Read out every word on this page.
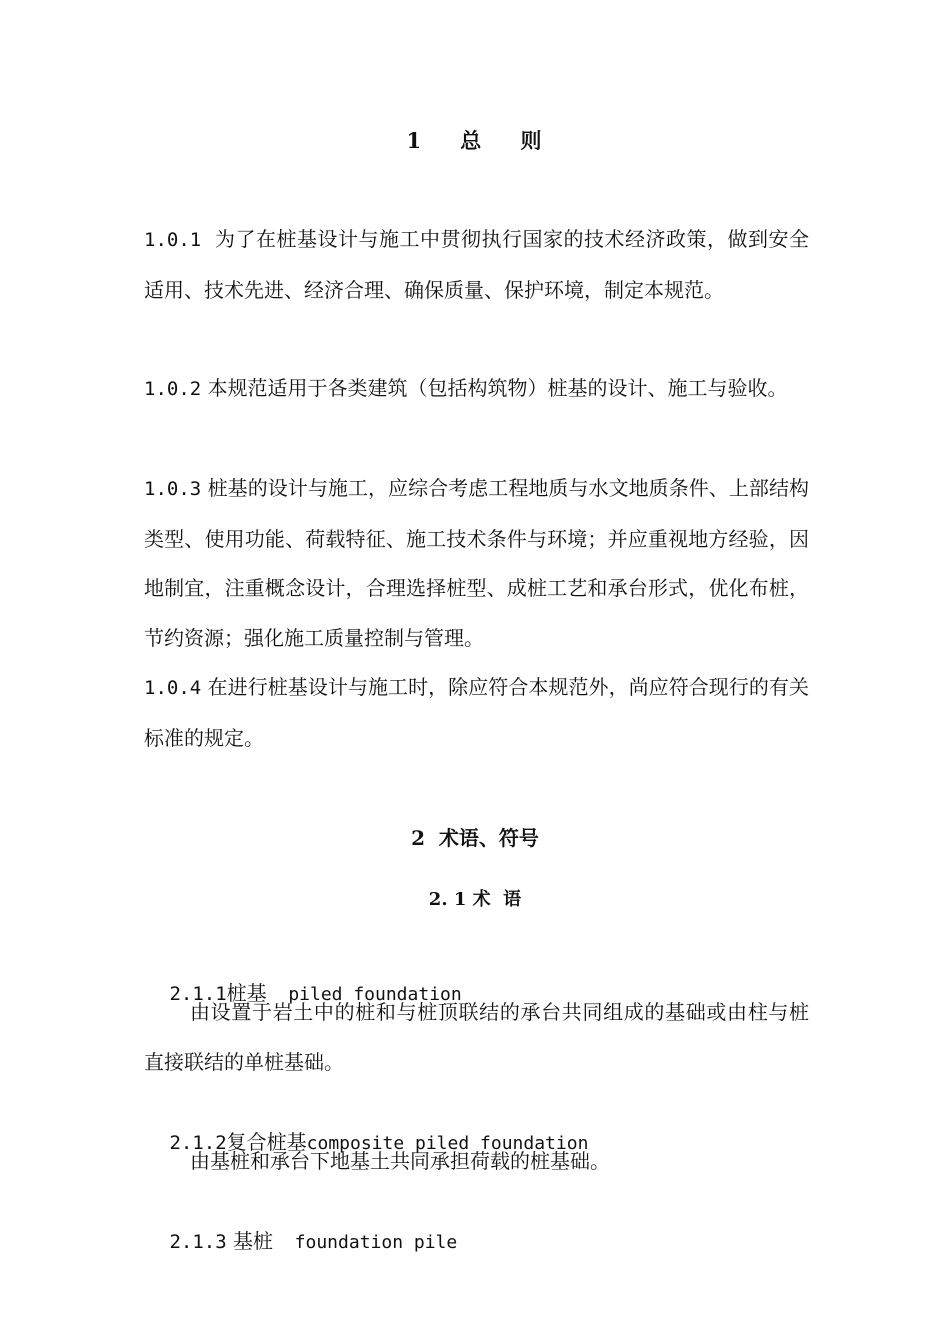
1    总    则
1.0.1 为了在桩基设计与施工中贯彻执行国家的技术经济政策，做到安全适用、技术先进、经济合理、确保质量、保护环境，制定本规范。
1.0.2 本规范适用于各类建筑（包括构筑物）桩基的设计、施工与验收。
1.0.3 桩基的设计与施工，应综合考虑工程地质与水文地质条件、上部结构类型、使用功能、荷载特征、施工技术条件与环境；并应重视地方经验，因地制宜，注重概念设计，合理选择桩型、成桩工艺和承台形式，优化布桩，节约资源；强化施工质量控制与管理。
1.0.4 在进行桩基设计与施工时，除应符合本规范外，尚应符合现行的有关标准的规定。
2  术语、符号
2. 1 术  语

2.1.1桩基  piled foundation

由设置于岩土中的桩和与桩顶联结的承台共同组成的基础或由柱与桩直接联结的单桩基础。

2.1.2复合桩基composite piled foundation

由基桩和承台下地基土共同承担荷载的桩基础。

2.1.3 基桩  foundation pile
